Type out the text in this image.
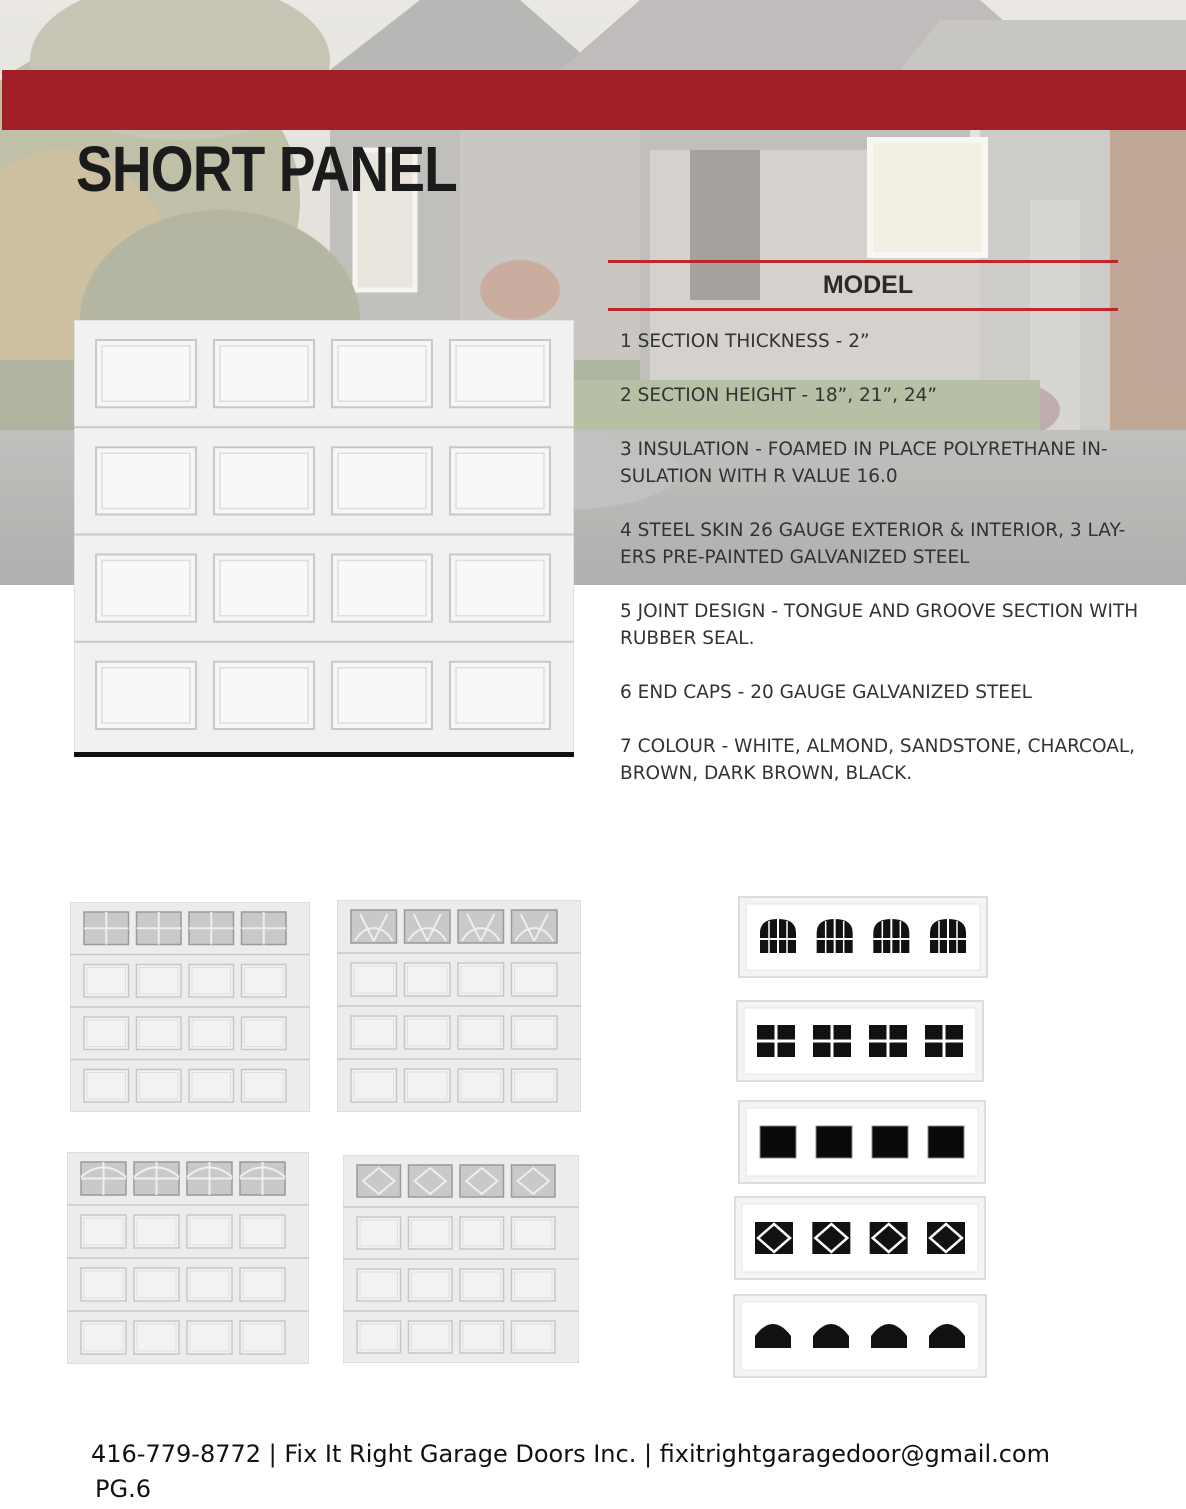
SHORT PANEL
MODEL
1 SECTION THICKNESS - 2”
2 SECTION HEIGHT - 18”, 21”, 24”
3 INSULATION - FOAMED IN PLACE POLYRETHANE IN-
SULATION WITH R VALUE 16.0
4 STEEL SKIN 26 GAUGE EXTERIOR & INTERIOR, 3 LAY-
ERS PRE-PAINTED GALVANIZED STEEL
5 JOINT DESIGN - TONGUE AND GROOVE SECTION WITH
RUBBER SEAL.
6 END CAPS - 20 GAUGE GALVANIZED STEEL
7 COLOUR - WHITE, ALMOND, SANDSTONE, CHARCOAL,
BROWN, DARK BROWN, BLACK.
416-779-8772 | Fix It Right Garage Doors Inc. | fixitrightgaragedoor@gmail.com
PG.6
